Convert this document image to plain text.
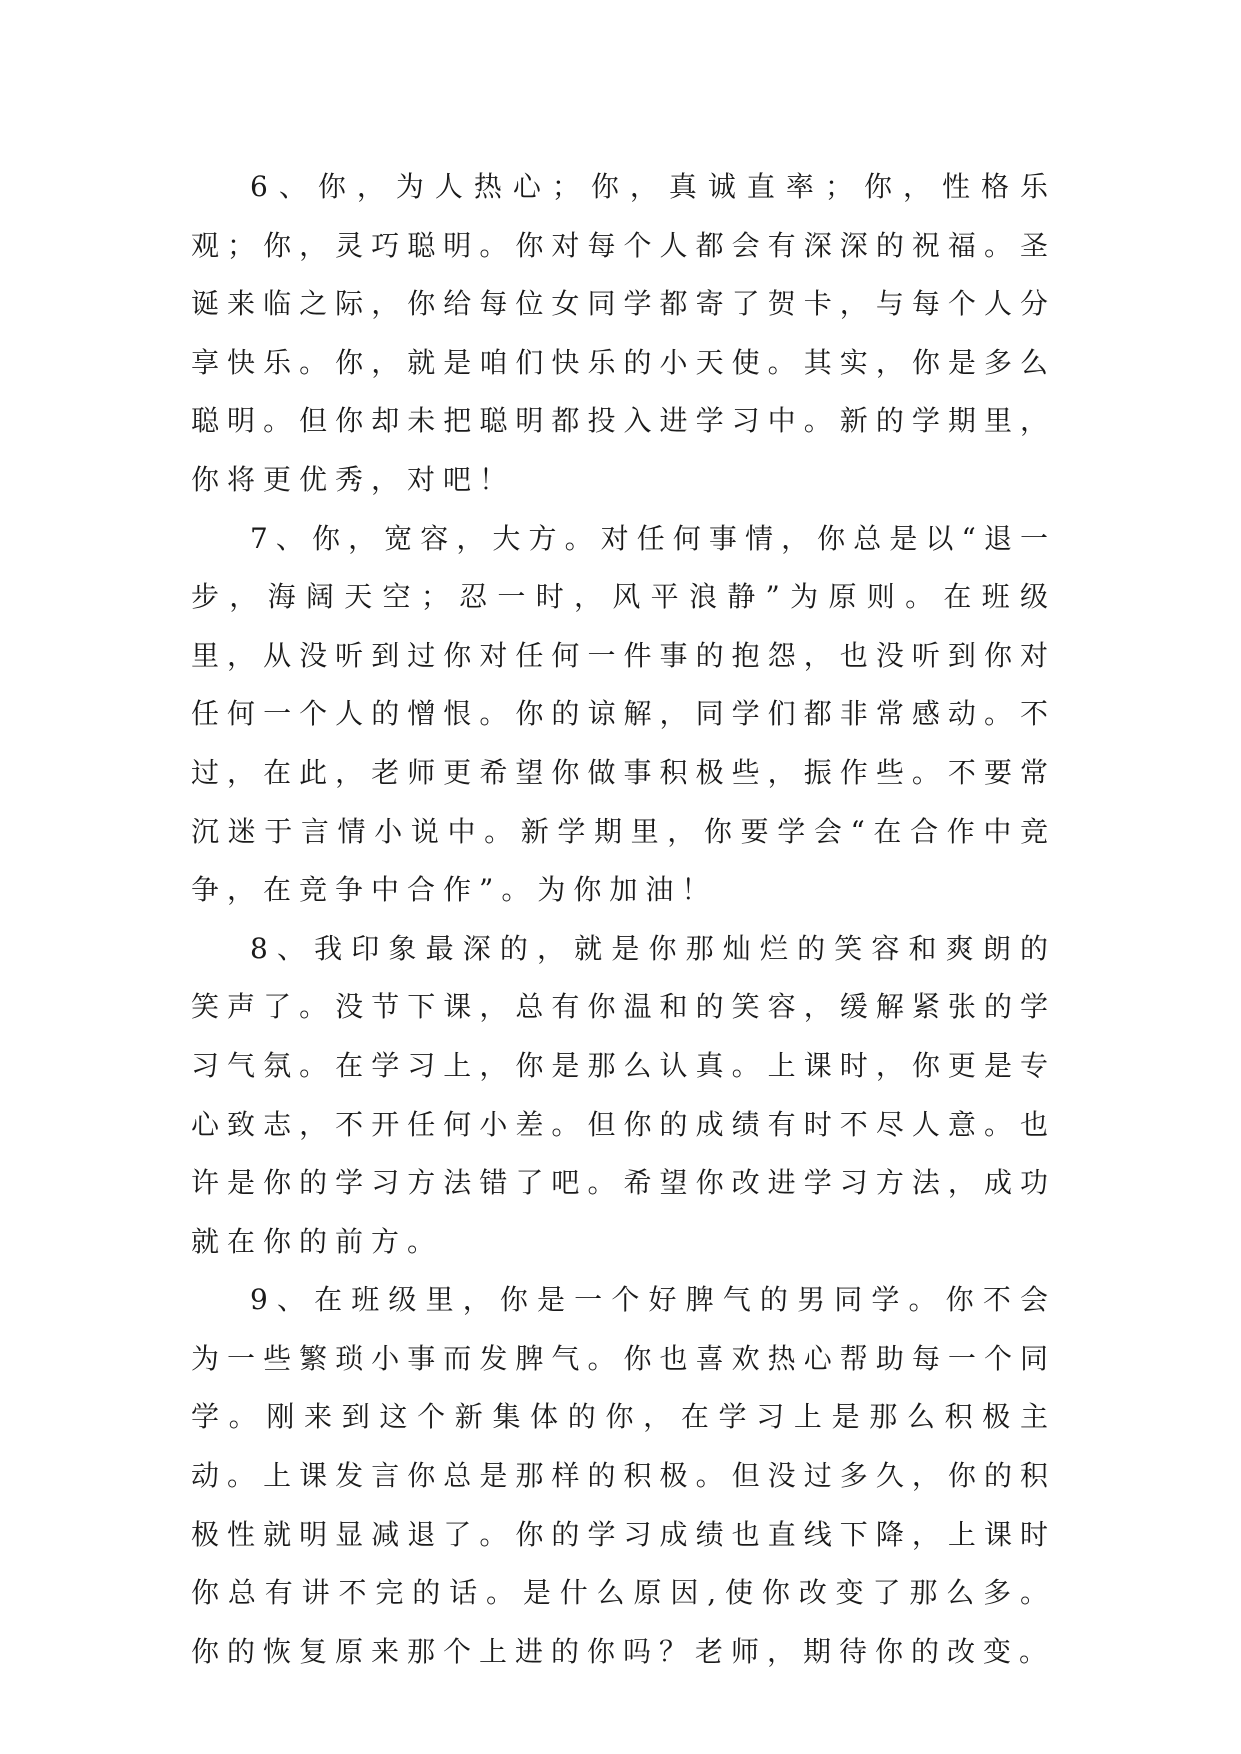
6、你，为人热心；你，真诚直率；你，性格乐观；你，灵巧聪明。你对每个人都会有深深的祝福。圣诞来临之际，你给每位女同学都寄了贺卡，与每个人分享快乐。你，就是咱们快乐的小天使。其实，你是多么聪明。但你却未把聪明都投入进学习中。新的学期里，你将更优秀，对吧！

7、你，宽容，大方。对任何事情，你总是以“退一步，海阔天空；忍一时，风平浪静”为原则。在班级里，从没听到过你对任何一件事的抱怨，也没听到你对任何一个人的憎恨。你的谅解，同学们都非常感动。不过，在此，老师更希望你做事积极些，振作些。不要常沉迷于言情小说中。新学期里，你要学会“在合作中竞争，在竞争中合作”。为你加油！

8、我印象最深的，就是你那灿烂的笑容和爽朗的笑声了。没节下课，总有你温和的笑容，缓解紧张的学习气氛。在学习上，你是那么认真。上课时，你更是专心致志，不开任何小差。但你的成绩有时不尽人意。也许是你的学习方法错了吧。希望你改进学习方法，成功就在你的前方。

9、在班级里，你是一个好脾气的男同学。你不会为一些繁琐小事而发脾气。你也喜欢热心帮助每一个同学。刚来到这个新集体的你，在学习上是那么积极主动。上课发言你总是那样的积极。但没过多久，你的积极性就明显减退了。你的学习成绩也直线下降，上课时你总有讲不完的话。是什么原因,使你改变了那么多。你的恢复原来那个上进的你吗？老师，期待你的改变。
